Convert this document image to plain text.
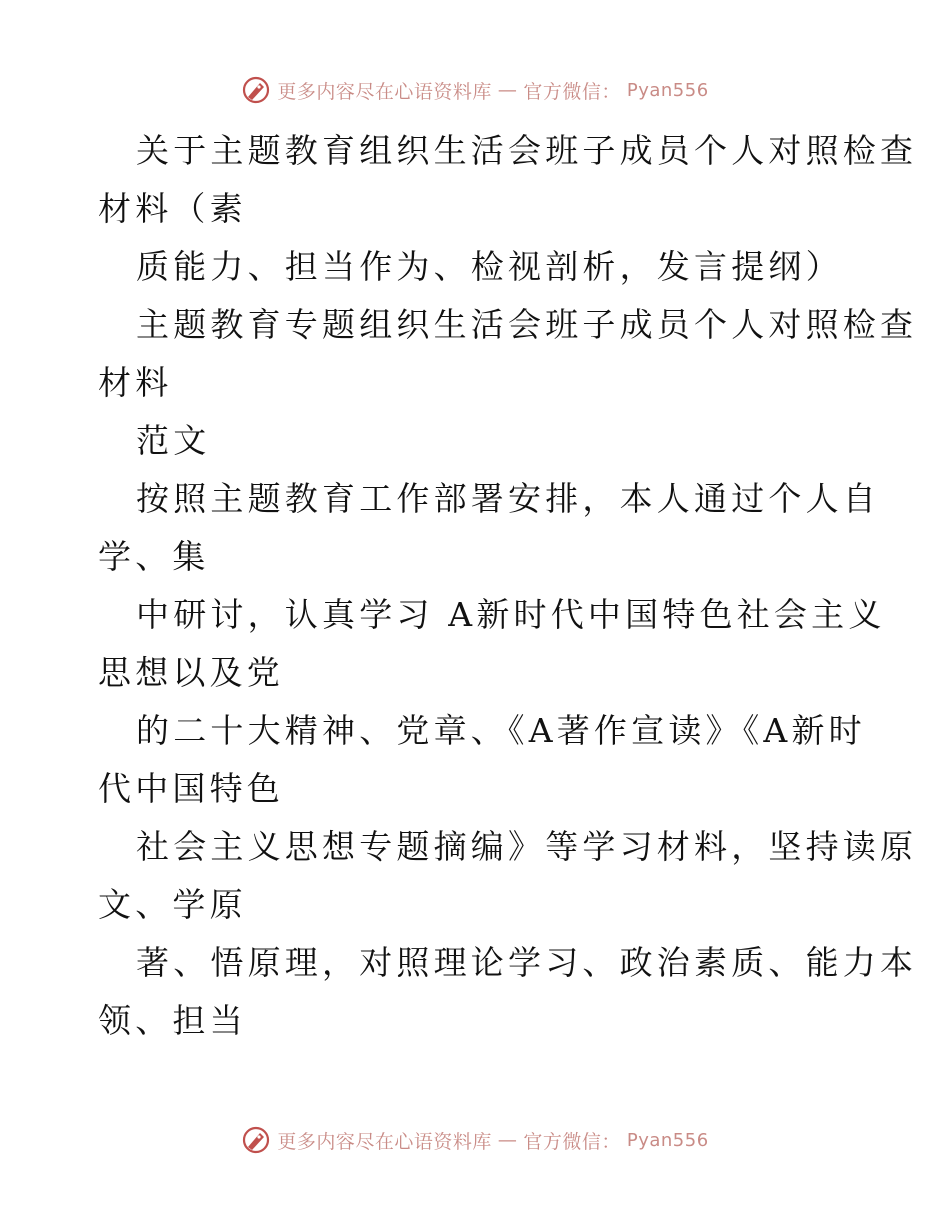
更多内容尽在心语资料库 — 官方微信： Pyan556
关于主题教育组织生活会班子成员个人对照检查
材料（素
质能力、担当作为、检视剖析，发言提纲）
主题教育专题组织生活会班子成员个人对照检查
材料
范文
按照主题教育工作部署安排，本人通过个人自
学、集
中研讨，认真学习 A新时代中国特色社会主义
思想以及党
的二十大精神、党章、《A著作宣读》《A新时
代中国特色
社会主义思想专题摘编》等学习材料，坚持读原
文、学原
著、悟原理，对照理论学习、政治素质、能力本
领、担当
更多内容尽在心语资料库 — 官方微信： Pyan556
